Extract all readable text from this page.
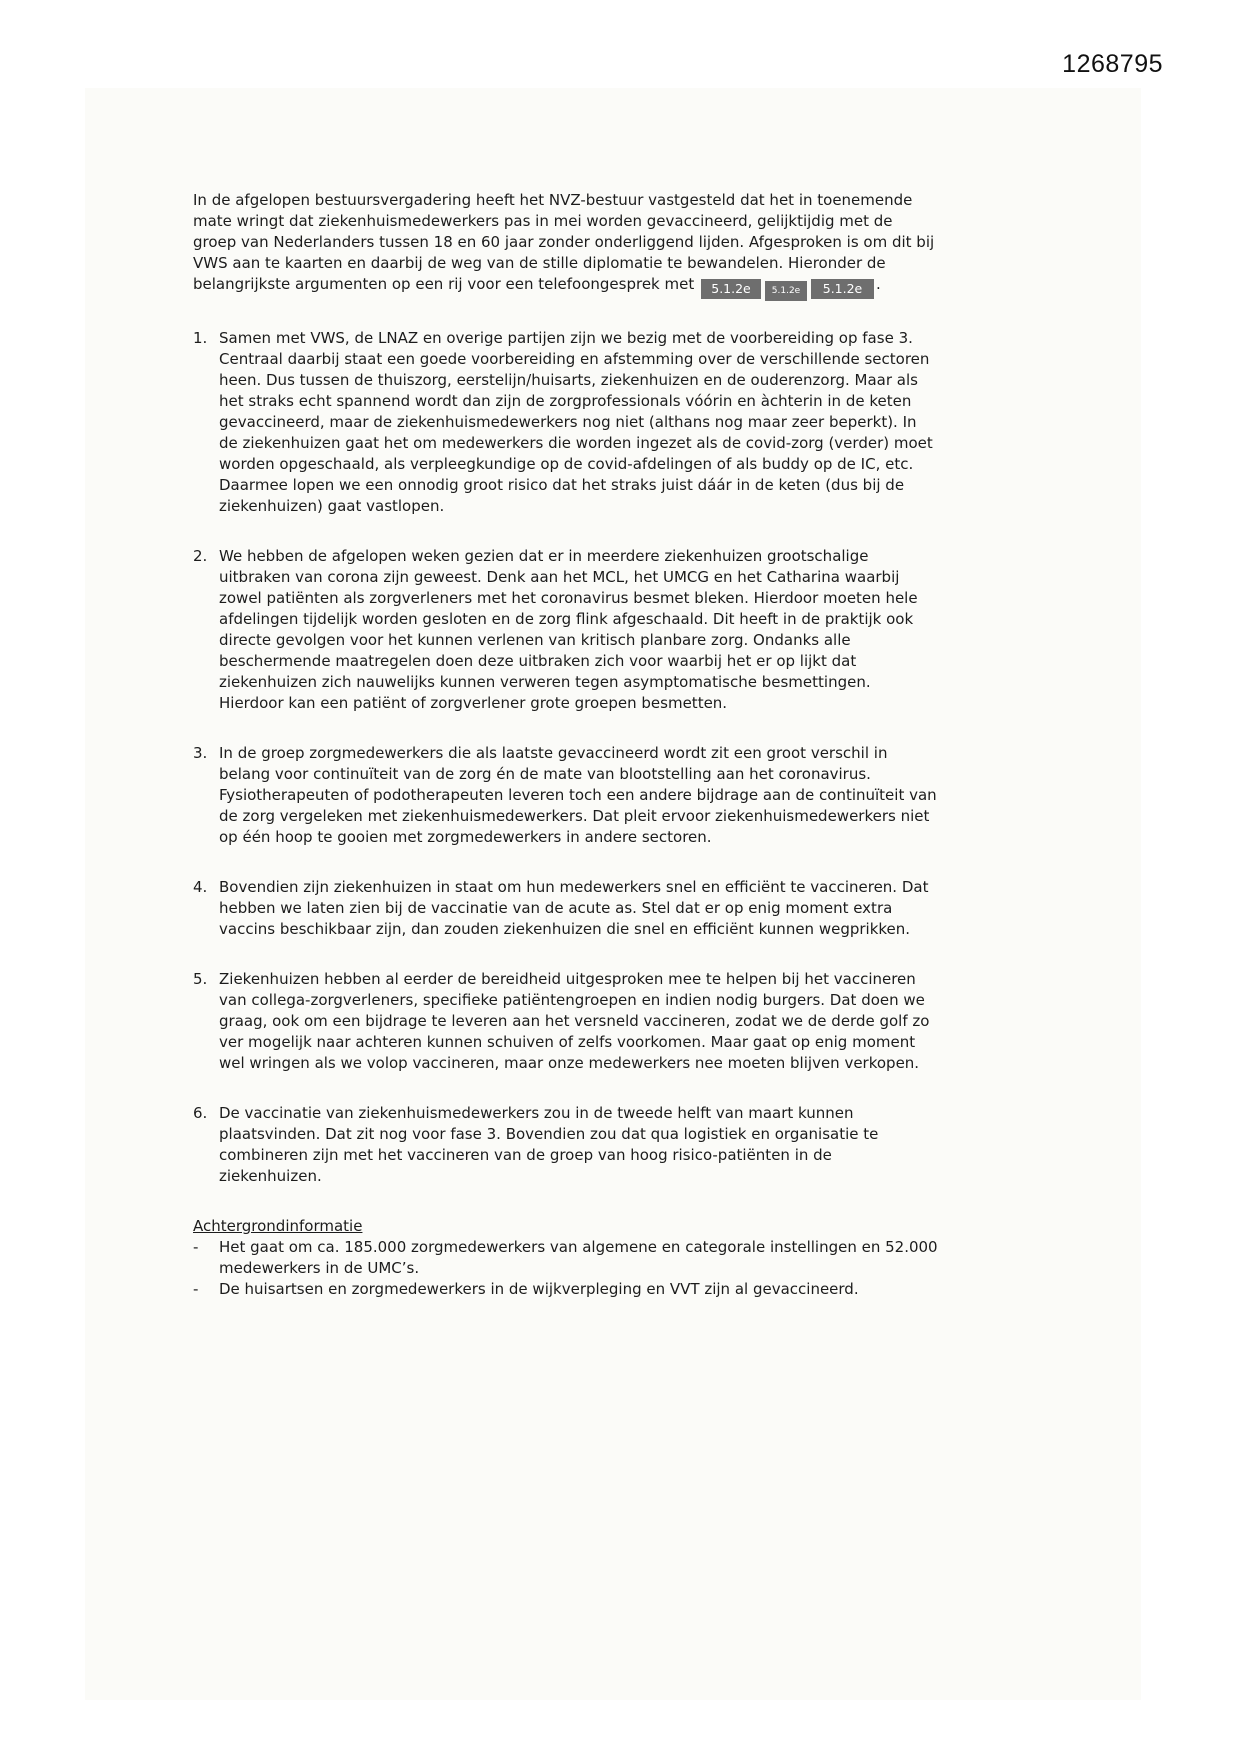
1268795

In de afgelopen bestuursvergadering heeft het NVZ-bestuur vastgesteld dat het in toenemende mate wringt dat ziekenhuismedewerkers pas in mei worden gevaccineerd, gelijktijdig met de groep van Nederlanders tussen 18 en 60 jaar zonder onderliggend lijden. Afgesproken is om dit bij VWS aan te kaarten en daarbij de weg van de stille diplomatie te bewandelen. Hieronder de belangrijkste argumenten op een rij voor een telefoongesprek met 5.1.2e 5.1.2e 5.1.2e .

1. Samen met VWS, de LNAZ en overige partijen zijn we bezig met de voorbereiding op fase 3. Centraal daarbij staat een goede voorbereiding en afstemming over de verschillende sectoren heen. Dus tussen de thuiszorg, eerstelijn/huisarts, ziekenhuizen en de ouderenzorg. Maar als het straks echt spannend wordt dan zijn de zorgprofessionals vóórin en àchterin in de keten gevaccineerd, maar de ziekenhuismedewerkers nog niet (althans nog maar zeer beperkt). In de ziekenhuizen gaat het om medewerkers die worden ingezet als de covid-zorg (verder) moet worden opgeschaald, als verpleegkundige op de covid-afdelingen of als buddy op de IC, etc. Daarmee lopen we een onnodig groot risico dat het straks juist dáár in de keten (dus bij de ziekenhuizen) gaat vastlopen.
2. We hebben de afgelopen weken gezien dat er in meerdere ziekenhuizen grootschalige uitbraken van corona zijn geweest. Denk aan het MCL, het UMCG en het Catharina waarbij zowel patiënten als zorgverleners met het coronavirus besmet bleken. Hierdoor moeten hele afdelingen tijdelijk worden gesloten en de zorg flink afgeschaald. Dit heeft in de praktijk ook directe gevolgen voor het kunnen verlenen van kritisch planbare zorg. Ondanks alle beschermende maatregelen doen deze uitbraken zich voor waarbij het er op lijkt dat ziekenhuizen zich nauwelijks kunnen verweren tegen asymptomatische besmettingen. Hierdoor kan een patiënt of zorgverlener grote groepen besmetten.
3. In de groep zorgmedewerkers die als laatste gevaccineerd wordt zit een groot verschil in belang voor continuïteit van de zorg én de mate van blootstelling aan het coronavirus. Fysiotherapeuten of podotherapeuten leveren toch een andere bijdrage aan de continuïteit van de zorg vergeleken met ziekenhuismedewerkers. Dat pleit ervoor ziekenhuismedewerkers niet op één hoop te gooien met zorgmedewerkers in andere sectoren.
4. Bovendien zijn ziekenhuizen in staat om hun medewerkers snel en efficiënt te vaccineren. Dat hebben we laten zien bij de vaccinatie van de acute as. Stel dat er op enig moment extra vaccins beschikbaar zijn, dan zouden ziekenhuizen die snel en efficiënt kunnen wegprikken.
5. Ziekenhuizen hebben al eerder de bereidheid uitgesproken mee te helpen bij het vaccineren van collega-zorgverleners, specifieke patiëntengroepen en indien nodig burgers. Dat doen we graag, ook om een bijdrage te leveren aan het versneld vaccineren, zodat we de derde golf zo ver mogelijk naar achteren kunnen schuiven of zelfs voorkomen. Maar gaat op enig moment wel wringen als we volop vaccineren, maar onze medewerkers nee moeten blijven verkopen.
6. De vaccinatie van ziekenhuismedewerkers zou in de tweede helft van maart kunnen plaatsvinden. Dat zit nog voor fase 3. Bovendien zou dat qua logistiek en organisatie te combineren zijn met het vaccineren van de groep van hoog risico-patiënten in de ziekenhuizen.
Achtergrondinformatie
-	Het gaat om ca. 185.000 zorgmedewerkers van algemene en categorale instellingen en 52.000 medewerkers in de UMC’s.
-	De huisartsen en zorgmedewerkers in de wijkverpleging en VVT zijn al gevaccineerd.
